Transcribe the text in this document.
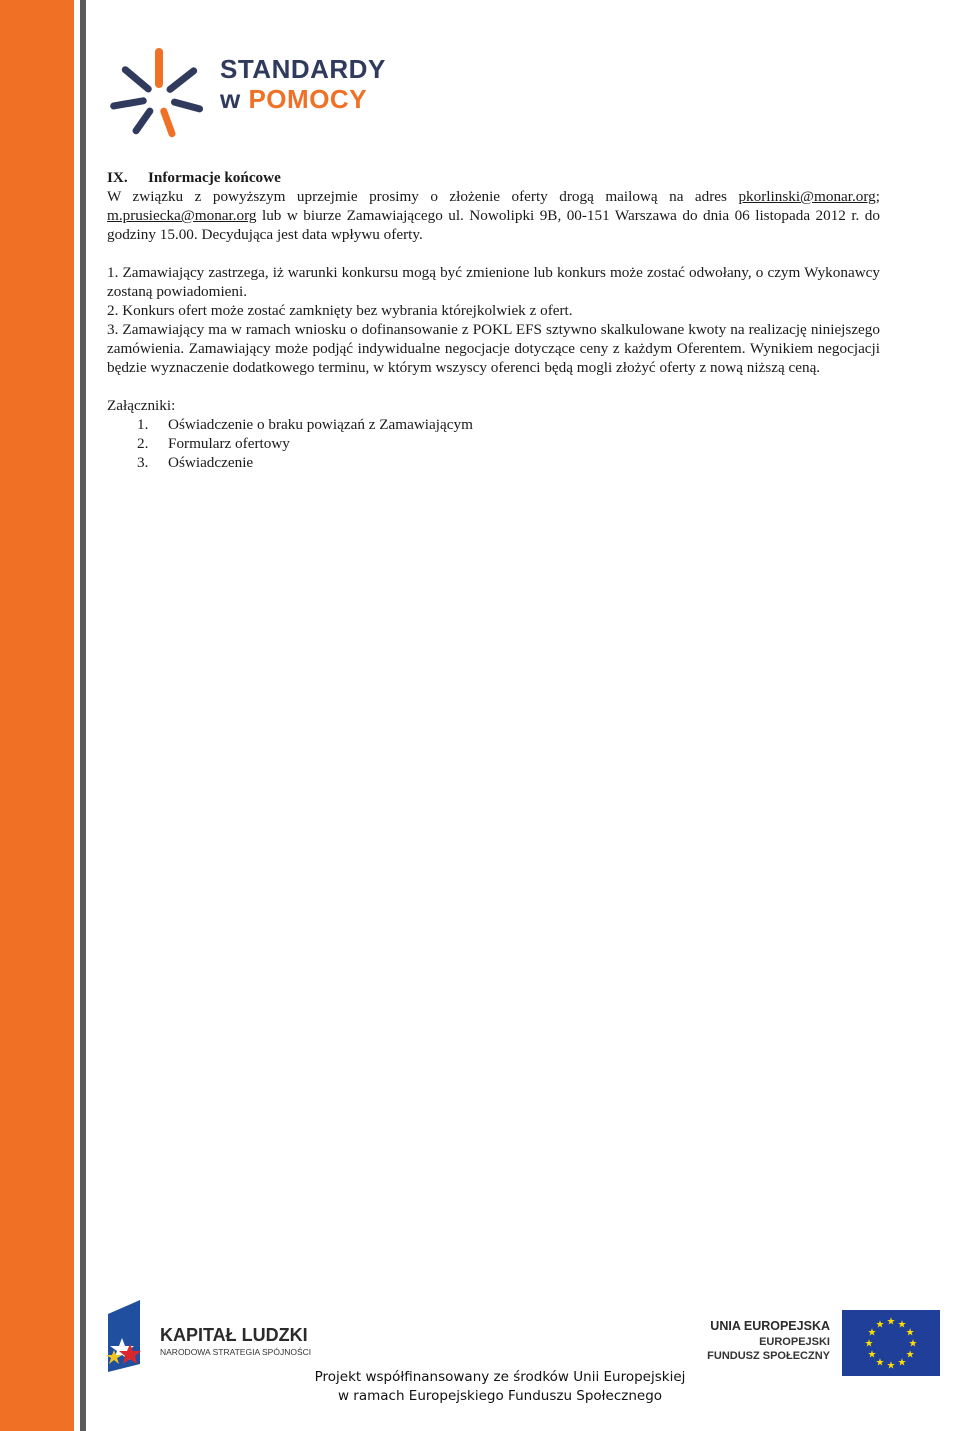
STANDARDY
w POMOCY
IX. Informacje końcowe

W związku z powyższym uprzejmie prosimy o złożenie oferty drogą mailową na adres pkorlinski@monar.org; m.prusiecka@monar.org lub w biurze Zamawiającego ul. Nowolipki 9B, 00-151 Warszawa do dnia 06 listopada 2012 r. do godziny 15.00. Decydująca jest data wpływu oferty.

1. Zamawiający zastrzega, iż warunki konkursu mogą być zmienione lub konkurs może zostać odwołany, o czym Wykonawcy zostaną powiadomieni.

2. Konkurs ofert może zostać zamknięty bez wybrania którejkolwiek z ofert.

3. Zamawiający ma w ramach wniosku o dofinansowanie z POKL EFS sztywno skalkulowane kwoty na realizację niniejszego zamówienia. Zamawiający może podjąć indywidualne negocjacje dotyczące ceny z każdym Oferentem. Wynikiem negocjacji będzie wyznaczenie dodatkowego terminu, w którym wszyscy oferenci będą mogli złożyć oferty z nową niższą ceną.

Załączniki:
1. Oświadczenie o braku powiązań z Zamawiającym
2. Formularz ofertowy
3. Oświadczenie
KAPITAŁ LUDZKI
NARODOWA STRATEGIA SPÓJNOŚCI
UNIA EUROPEJSKA
EUROPEJSKI
FUNDUSZ SPOŁECZNY
★ ★
★
★
★
★
★
★
★
★
★
★
Projekt współfinansowany ze środków Unii Europejskiej
w ramach Europejskiego Funduszu Społecznego
